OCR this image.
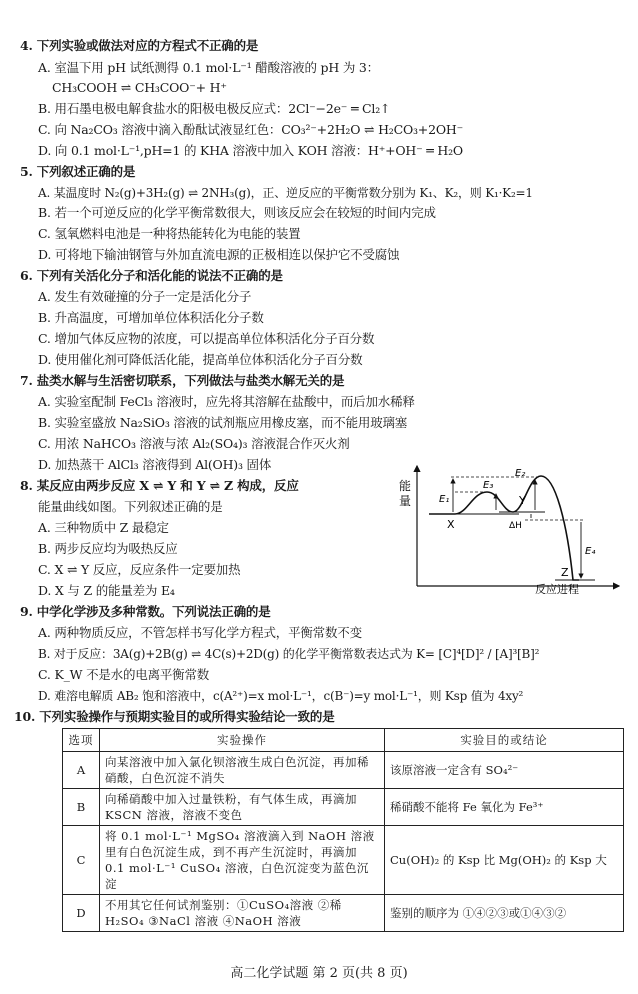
4. 下列实验或做法对应的方程式不正确的是
A. 室温下用 pH 试纸测得 0.1 mol·L⁻¹ 醋酸溶液的 pH 为 3：
CH₃COOH ⇌ CH₃COO⁻+ H⁺
B. 用石墨电极电解食盐水的阳极电极反应式：2Cl⁻−2e⁻ ═ Cl₂↑
C. 向 Na₂CO₃ 溶液中滴入酚酞试液显红色：CO₃²⁻+2H₂O ⇌ H₂CO₃+2OH⁻
D. 向 0.1 mol·L⁻¹,pH=1 的 KHA 溶液中加入 KOH 溶液：H⁺+OH⁻ ═ H₂O
5. 下列叙述正确的是
A. 某温度时 N₂(g)+3H₂(g) ⇌ 2NH₃(g)，正、逆反应的平衡常数分别为 K₁、K₂，则 K₁·K₂=1
B. 若一个可逆反应的化学平衡常数很大，则该反应会在较短的时间内完成
C. 氢氧燃料电池是一种将热能转化为电能的装置
D. 可将地下输油钢管与外加直流电源的正极相连以保护它不受腐蚀
6. 下列有关活化分子和活化能的说法不正确的是
A. 发生有效碰撞的分子一定是活化分子
B. 升高温度，可增加单位体积活化分子数
C. 增加气体反应物的浓度，可以提高单位体积活化分子百分数
D. 使用催化剂可降低活化能，提高单位体积活化分子百分数
7. 盐类水解与生活密切联系，下列做法与盐类水解无关的是
A. 实验室配制 FeCl₃ 溶液时，应先将其溶解在盐酸中，而后加水稀释
B. 实验室盛放 Na₂SiO₃ 溶液的试剂瓶应用橡皮塞，而不能用玻璃塞
C. 用浓 NaHCO₃ 溶液与浓 Al₂(SO₄)₃ 溶液混合作灭火剂
D. 加热蒸干 AlCl₃ 溶液得到 Al(OH)₃ 固体
8. 某反应由两步反应 X ⇌ Y 和 Y ⇌ Z 构成，反应
能量曲线如图。下列叙述正确的是
A. 三种物质中 Z 最稳定
B. 两步反应均为吸热反应
C. X ⇌ Y 反应，反应条件一定要加热
D. X 与 Z 的能量差为 E₄
能
量	E₁
E₃
E₂
E₄
X
Y
Z
ΔH
反应进程
9. 中学化学涉及多种常数。下列说法正确的是
A. 两种物质反应，不管怎样书写化学方程式，平衡常数不变
B. 对于反应：3A(g)+2B(g) ⇌ 4C(s)+2D(g) 的化学平衡常数表达式为 K= [C]⁴[D]² / [A]³[B]²
C. K_W 不是水的电离平衡常数
D. 难溶电解质 AB₂ 饱和溶液中，c(A²⁺)=x mol·L⁻¹，c(B⁻)=y mol·L⁻¹，则 Ksp 值为 4xy²
选项	实验操作	实验目的或结论
A	向某溶液中加入氯化钡溶液生成白色沉淀，再加稀硝酸，白色沉淀不消失	该原溶液一定含有 SO₄²⁻
B	向稀硝酸中加入过量铁粉，有气体生成，再滴加 KSCN 溶液，溶液不变色	稀硝酸不能将 Fe 氧化为 Fe³⁺
C	将 0.1 mol·L⁻¹ MgSO₄ 溶液滴入到 NaOH 溶液里有白色沉淀生成，到不再产生沉淀时，再滴加 0.1 mol·L⁻¹ CuSO₄ 溶液，白色沉淀变为蓝色沉淀	Cu(OH)₂ 的 Ksp 比 Mg(OH)₂ 的 Ksp 大
D	不用其它任何试剂鉴别：①CuSO₄溶液 ②稀H₂SO₄ ③NaCl 溶液 ④NaOH 溶液	鉴别的顺序为 ①④②③或①④③②
10. 下列实验操作与预期实验目的或所得实验结论一致的是
高二化学试题 第 2 页(共 8 页)
